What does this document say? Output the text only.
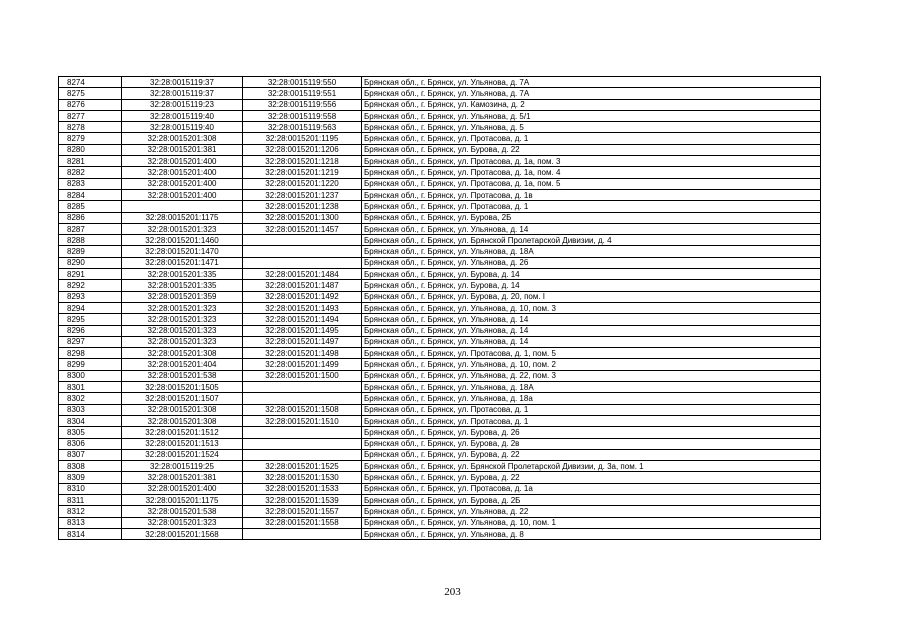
8274	32:28:0015119:37	32:28:0015119:550	Брянская обл., г. Брянск, ул. Ульянова, д. 7А
8275	32:28:0015119:37	32:28:0015119:551	Брянская обл., г. Брянск, ул. Ульянова, д. 7А
8276	32:28:0015119:23	32:28:0015119:556	Брянская обл., г. Брянск, ул. Камозина, д. 2
8277	32:28:0015119:40	32:28:0015119:558	Брянская обл., г. Брянск, ул. Ульянова, д. 5/1
8278	32:28:0015119:40	32:28:0015119:563	Брянская обл., г. Брянск, ул. Ульянова, д. 5
8279	32:28:0015201:308	32:28:0015201:1195	Брянская обл., г. Брянск, ул. Протасова, д. 1
8280	32:28:0015201:381	32:28:0015201:1206	Брянская обл., г. Брянск, ул. Бурова, д. 22
8281	32:28:0015201:400	32:28:0015201:1218	Брянская обл., г. Брянск, ул. Протасова, д. 1а, пом. 3
8282	32:28:0015201:400	32:28:0015201:1219	Брянская обл., г. Брянск, ул. Протасова, д. 1а, пом. 4
8283	32:28:0015201:400	32:28:0015201:1220	Брянская обл., г. Брянск, ул. Протасова, д. 1а, пом. 5
8284	32:28:0015201:400	32:28:0015201:1237	Брянская обл., г. Брянск, ул. Протасова, д. 1в
8285		32:28:0015201:1238	Брянская обл., г. Брянск, ул. Протасова, д. 1
8286	32:28:0015201:1175	32:28:0015201:1300	Брянская обл., г. Брянск, ул. Бурова, 2Б
8287	32:28:0015201:323	32:28:0015201:1457	Брянская обл., г. Брянск, ул. Ульянова, д. 14
8288	32:28:0015201:1460		Брянская обл., г. Брянск, ул. Брянской Пролетарской Дивизии, д. 4
8289	32:28:0015201:1470		Брянская обл., г. Брянск, ул. Ульянова, д. 18А
8290	32:28:0015201:1471		Брянская обл., г. Брянск, ул. Ульянова, д. 26
8291	32:28:0015201:335	32:28:0015201:1484	Брянская обл., г. Брянск, ул. Бурова, д. 14
8292	32:28:0015201:335	32:28:0015201:1487	Брянская обл., г. Брянск, ул. Бурова, д. 14
8293	32:28:0015201:359	32:28:0015201:1492	Брянская обл., г. Брянск, ул. Бурова, д. 20, пом. I
8294	32:28:0015201:323	32:28:0015201:1493	Брянская обл., г. Брянск, ул. Ульянова, д. 10, пом. 3
8295	32:28:0015201:323	32:28:0015201:1494	Брянская обл., г. Брянск, ул. Ульянова, д. 14
8296	32:28:0015201:323	32:28:0015201:1495	Брянская обл., г. Брянск, ул. Ульянова, д. 14
8297	32:28:0015201:323	32:28:0015201:1497	Брянская обл., г. Брянск, ул. Ульянова, д. 14
8298	32:28:0015201:308	32:28:0015201:1498	Брянская обл., г. Брянск, ул. Протасова, д. 1, пом. 5
8299	32:28:0015201:404	32:28:0015201:1499	Брянская обл., г. Брянск, ул. Ульянова, д. 10, пом. 2
8300	32:28:0015201:538	32:28:0015201:1500	Брянская обл., г. Брянск, ул. Ульянова, д. 22, пом. 3
8301	32:28:0015201:1505		Брянская обл., г. Брянск, ул. Ульянова, д. 18А
8302	32:28:0015201:1507		Брянская обл., г. Брянск, ул. Ульянова, д. 18а
8303	32:28:0015201:308	32:28:0015201:1508	Брянская обл., г. Брянск, ул. Протасова, д. 1
8304	32:28:0015201:308	32:28:0015201:1510	Брянская обл., г. Брянск, ул. Протасова, д. 1
8305	32:28:0015201:1512		Брянская обл., г. Брянск, ул. Бурова, д. 26
8306	32:28:0015201:1513		Брянская обл., г. Брянск, ул. Бурова, д. 2в
8307	32:28:0015201:1524		Брянская обл., г. Брянск, ул. Бурова, д. 22
8308	32:28:0015119:25	32:28:0015201:1525	Брянская обл., г. Брянск, ул. Брянской Пролетарской Дивизии, д. 3а, пом. 1
8309	32:28:0015201:381	32:28:0015201:1530	Брянская обл., г. Брянск, ул. Бурова, д. 22
8310	32:28:0015201:400	32:28:0015201:1533	Брянская обл., г. Брянск, ул. Протасова, д. 1а
8311	32:28:0015201:1175	32:28:0015201:1539	Брянская обл., г. Брянск, ул. Бурова, д. 2Б
8312	32:28:0015201:538	32:28:0015201:1557	Брянская обл., г. Брянск, ул. Ульянова, д. 22
8313	32:28:0015201:323	32:28:0015201:1558	Брянская обл., г. Брянск, ул. Ульянова, д. 10, пом. 1
8314	32:28:0015201:1568		Брянская обл., г. Брянск, ул. Ульянова, д. 8
203
